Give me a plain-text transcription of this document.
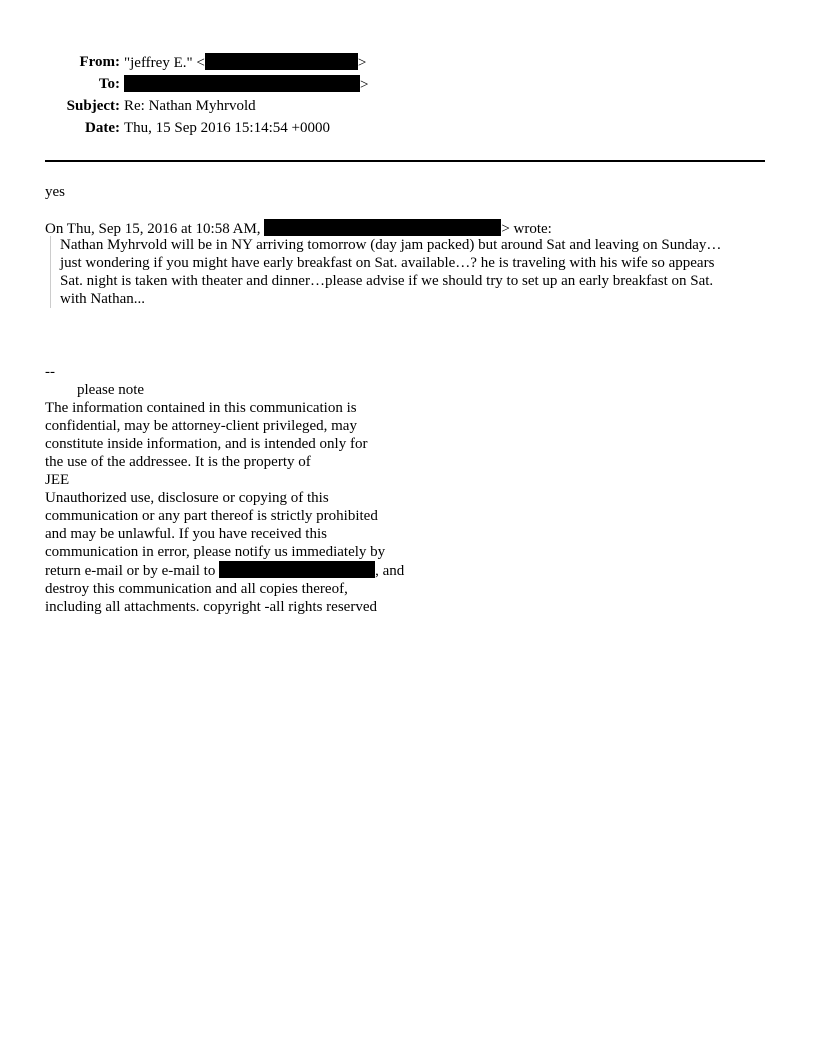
From: "jeffrey E." <	>
To:	>
Subject: Re: Nathan Myhrvold
Date: Thu, 15 Sep 2016 15:14:54 +0000
yes
On Thu, Sep 15, 2016 at 10:58 AM,	> wrote:

Nathan Myhrvold will be in NY arriving tomorrow (day jam packed) but around Sat and leaving on Sunday…

just wondering if you might have early breakfast on Sat. available…? he is traveling with his wife so appears

Sat. night is taken with theater and dinner…please advise if we should try to set up an early breakfast on Sat.

with Nathan...

--
please note
The information contained in this communication is
confidential, may be attorney-client privileged, may
constitute inside information, and is intended only for
the use of the addressee. It is the property of
JEE
Unauthorized use, disclosure or copying of this
communication or any part thereof is strictly prohibited
and may be unlawful. If you have received this
communication in error, please notify us immediately by
return e-mail or by e-mail to	, and
destroy this communication and all copies thereof,
including all attachments. copyright -all rights reserved
